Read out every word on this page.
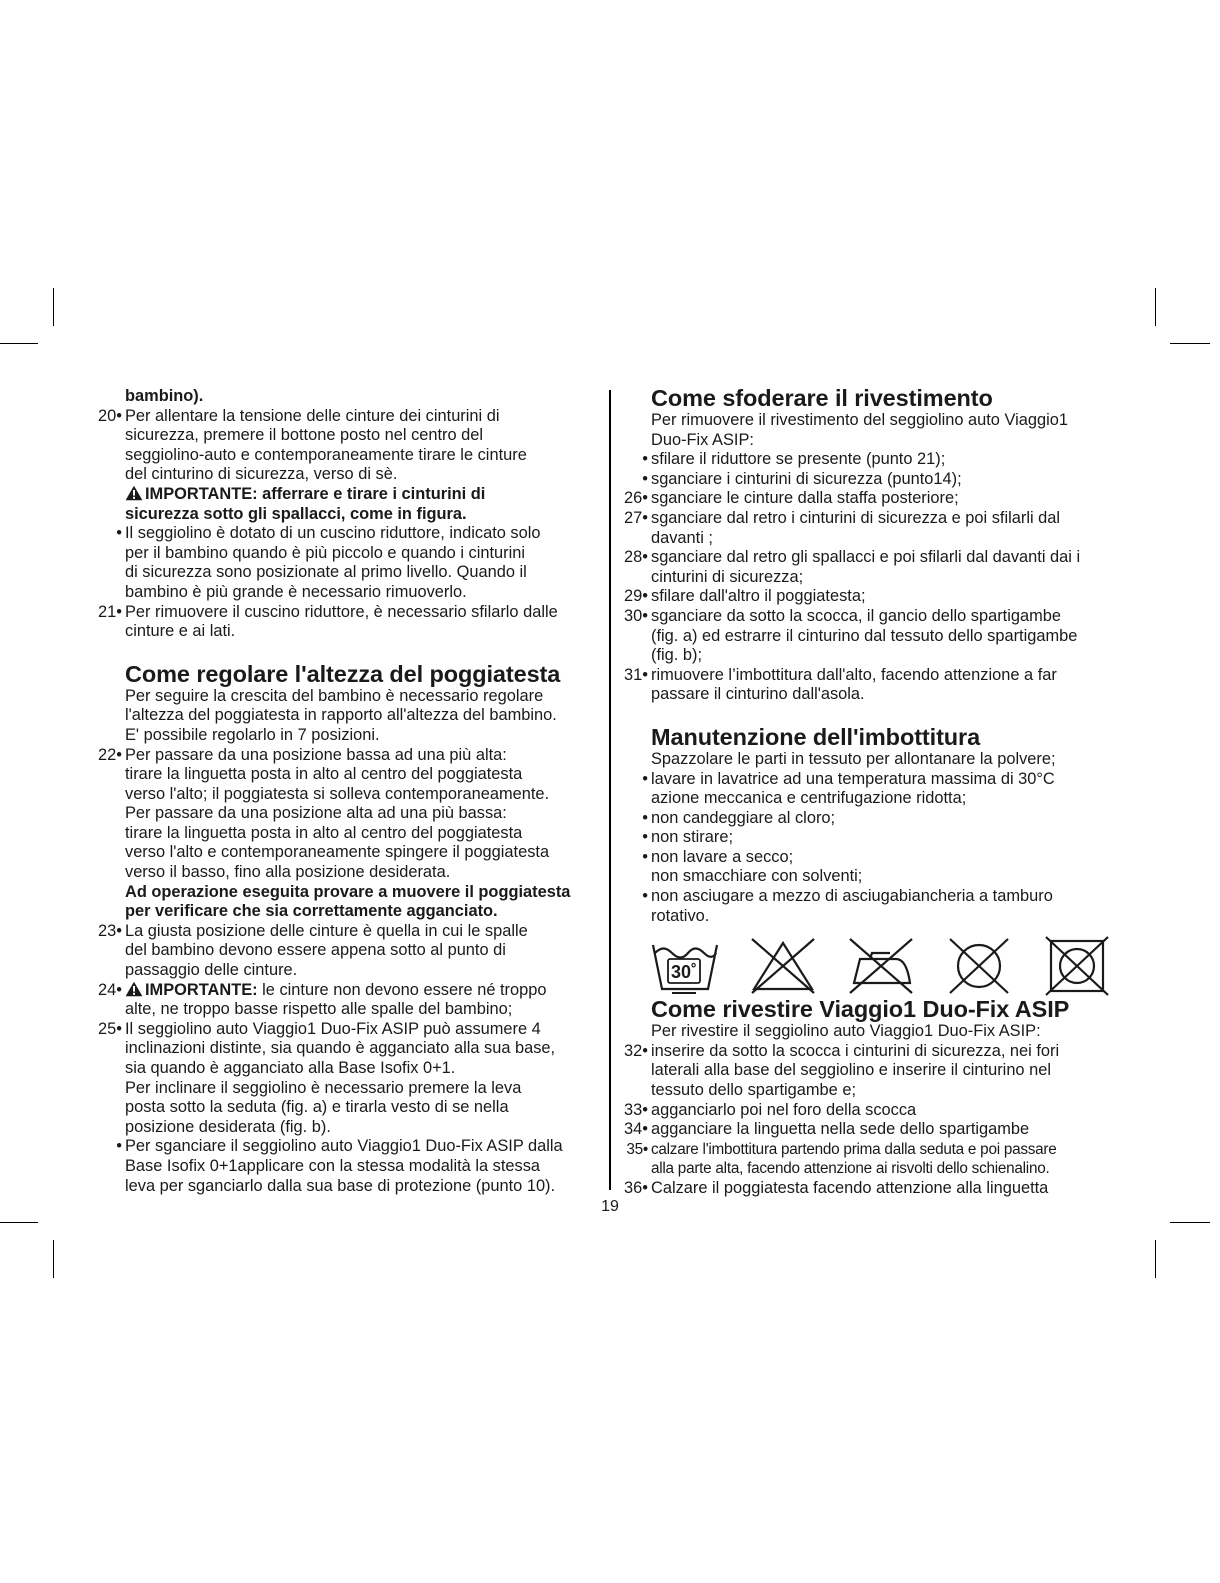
bambino).
20• Per allentare la tensione delle cinture dei cinturini di
sicurezza, premere il bottone posto nel centro del
seggiolino-auto e contemporaneamente tirare le cinture
del cinturino di sicurezza, verso di sè.
IMPORTANTE: afferrare e tirare i cinturini di
sicurezza sotto gli spallacci, come in figura.
• Il seggiolino è dotato di un cuscino riduttore, indicato solo
per il bambino quando è più piccolo e quando i cinturini
di sicurezza sono posizionate al primo livello. Quando il
bambino è più grande è necessario rimuoverlo.
21• Per rimuovere il cuscino riduttore, è necessario sfilarlo dalle
cinture e ai lati.
Come regolare l'altezza del poggiatesta
Per seguire la crescita del bambino è necessario regolare
l'altezza del poggiatesta in rapporto all'altezza del bambino.
E' possibile regolarlo in 7 posizioni.
22• Per passare da una posizione bassa ad una più alta:
tirare la linguetta posta in alto al centro del poggiatesta
verso l'alto; il poggiatesta si solleva contemporaneamente.
Per passare da una posizione alta ad una più bassa:
tirare la linguetta posta in alto al centro del poggiatesta
verso l'alto e contemporaneamente spingere il poggiatesta
verso il basso, fino alla posizione desiderata.
Ad operazione eseguita provare a muovere il poggiatesta
per verificare che sia correttamente agganciato.
23• La giusta posizione delle cinture è quella in cui le spalle
del bambino devono essere appena sotto al punto di
passaggio delle cinture.
24• IMPORTANTE: le cinture non devono essere né troppo
alte, ne troppo basse rispetto alle spalle del bambino;
25• Il seggiolino auto Viaggio1 Duo-Fix ASIP può assumere 4
inclinazioni distinte, sia quando è agganciato alla sua base,
sia quando è agganciato alla Base Isofix 0+1.
Per inclinare il seggiolino è necessario premere la leva
posta sotto la seduta (fig. a) e tirarla vesto di se nella
posizione desiderata (fig. b).
• Per sganciare il seggiolino auto Viaggio1 Duo-Fix ASIP dalla
Base Isofix 0+1applicare con la stessa modalità la stessa
leva per sganciarlo dalla sua base di protezione (punto 10).
Come sfoderare il rivestimento
Per rimuovere il rivestimento del seggiolino auto Viaggio1
Duo-Fix ASIP:
• sfilare il riduttore se presente (punto 21);
• sganciare i cinturini di sicurezza (punto14);
26• sganciare le cinture dalla staffa posteriore;
27• sganciare dal retro i cinturini di sicurezza e poi sfilarli dal
davanti ;
28• sganciare dal retro gli spallacci e poi sfilarli dal davanti dai i
cinturini di sicurezza;
29• sfilare dall'altro il poggiatesta;
30• sganciare da sotto la scocca, il gancio dello spartigambe
(fig. a) ed estrarre il cinturino dal tessuto dello spartigambe
(fig. b);
31• rimuovere l’imbottitura dall'alto, facendo attenzione a far
passare il cinturino dall'asola.
Manutenzione dell'imbottitura
Spazzolare le parti in tessuto per allontanare la polvere;
• lavare in lavatrice ad una temperatura massima di 30°C
azione meccanica e centrifugazione ridotta;
• non candeggiare al cloro;
• non stirare;
• non lavare a secco;
non smacchiare con solventi;
• non asciugare a mezzo di asciugabiancheria a tamburo
rotativo.
30˚
Come rivestire Viaggio1 Duo-Fix ASIP
Per rivestire il seggiolino auto Viaggio1 Duo-Fix ASIP:
32• inserire da sotto la scocca i cinturini di sicurezza, nei fori
laterali alla base del seggiolino e inserire il cinturino nel
tessuto dello spartigambe e;
33• agganciarlo poi nel foro della scocca
34• agganciare la linguetta nella sede dello spartigambe
35• calzare l'imbottitura partendo prima dalla seduta e poi passare
alla parte alta, facendo attenzione ai risvolti dello schienalino.
36• Calzare il poggiatesta facendo attenzione alla linguetta
19
